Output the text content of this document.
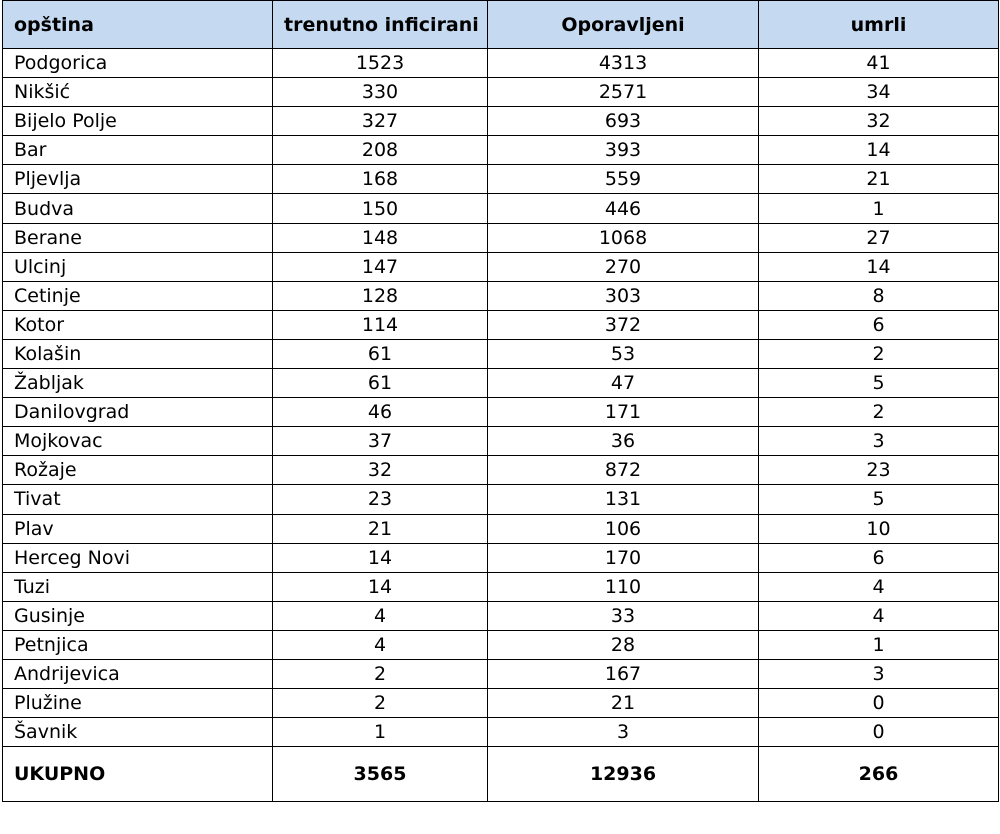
opština	trenutno inficirani	Oporavljeni	umrli
Podgorica	1523	4313	41
Nikšić	330	2571	34
Bijelo Polje	327	693	32
Bar	208	393	14
Pljevlja	168	559	21
Budva	150	446	1
Berane	148	1068	27
Ulcinj	147	270	14
Cetinje	128	303	8
Kotor	114	372	6
Kolašin	61	53	2
Žabljak	61	47	5
Danilovgrad	46	171	2
Mojkovac	37	36	3
Rožaje	32	872	23
Tivat	23	131	5
Plav	21	106	10
Herceg Novi	14	170	6
Tuzi	14	110	4
Gusinje	4	33	4
Petnjica	4	28	1
Andrijevica	2	167	3
Plužine	2	21	0
Šavnik	1	3	0
UKUPNO	3565	12936	266
